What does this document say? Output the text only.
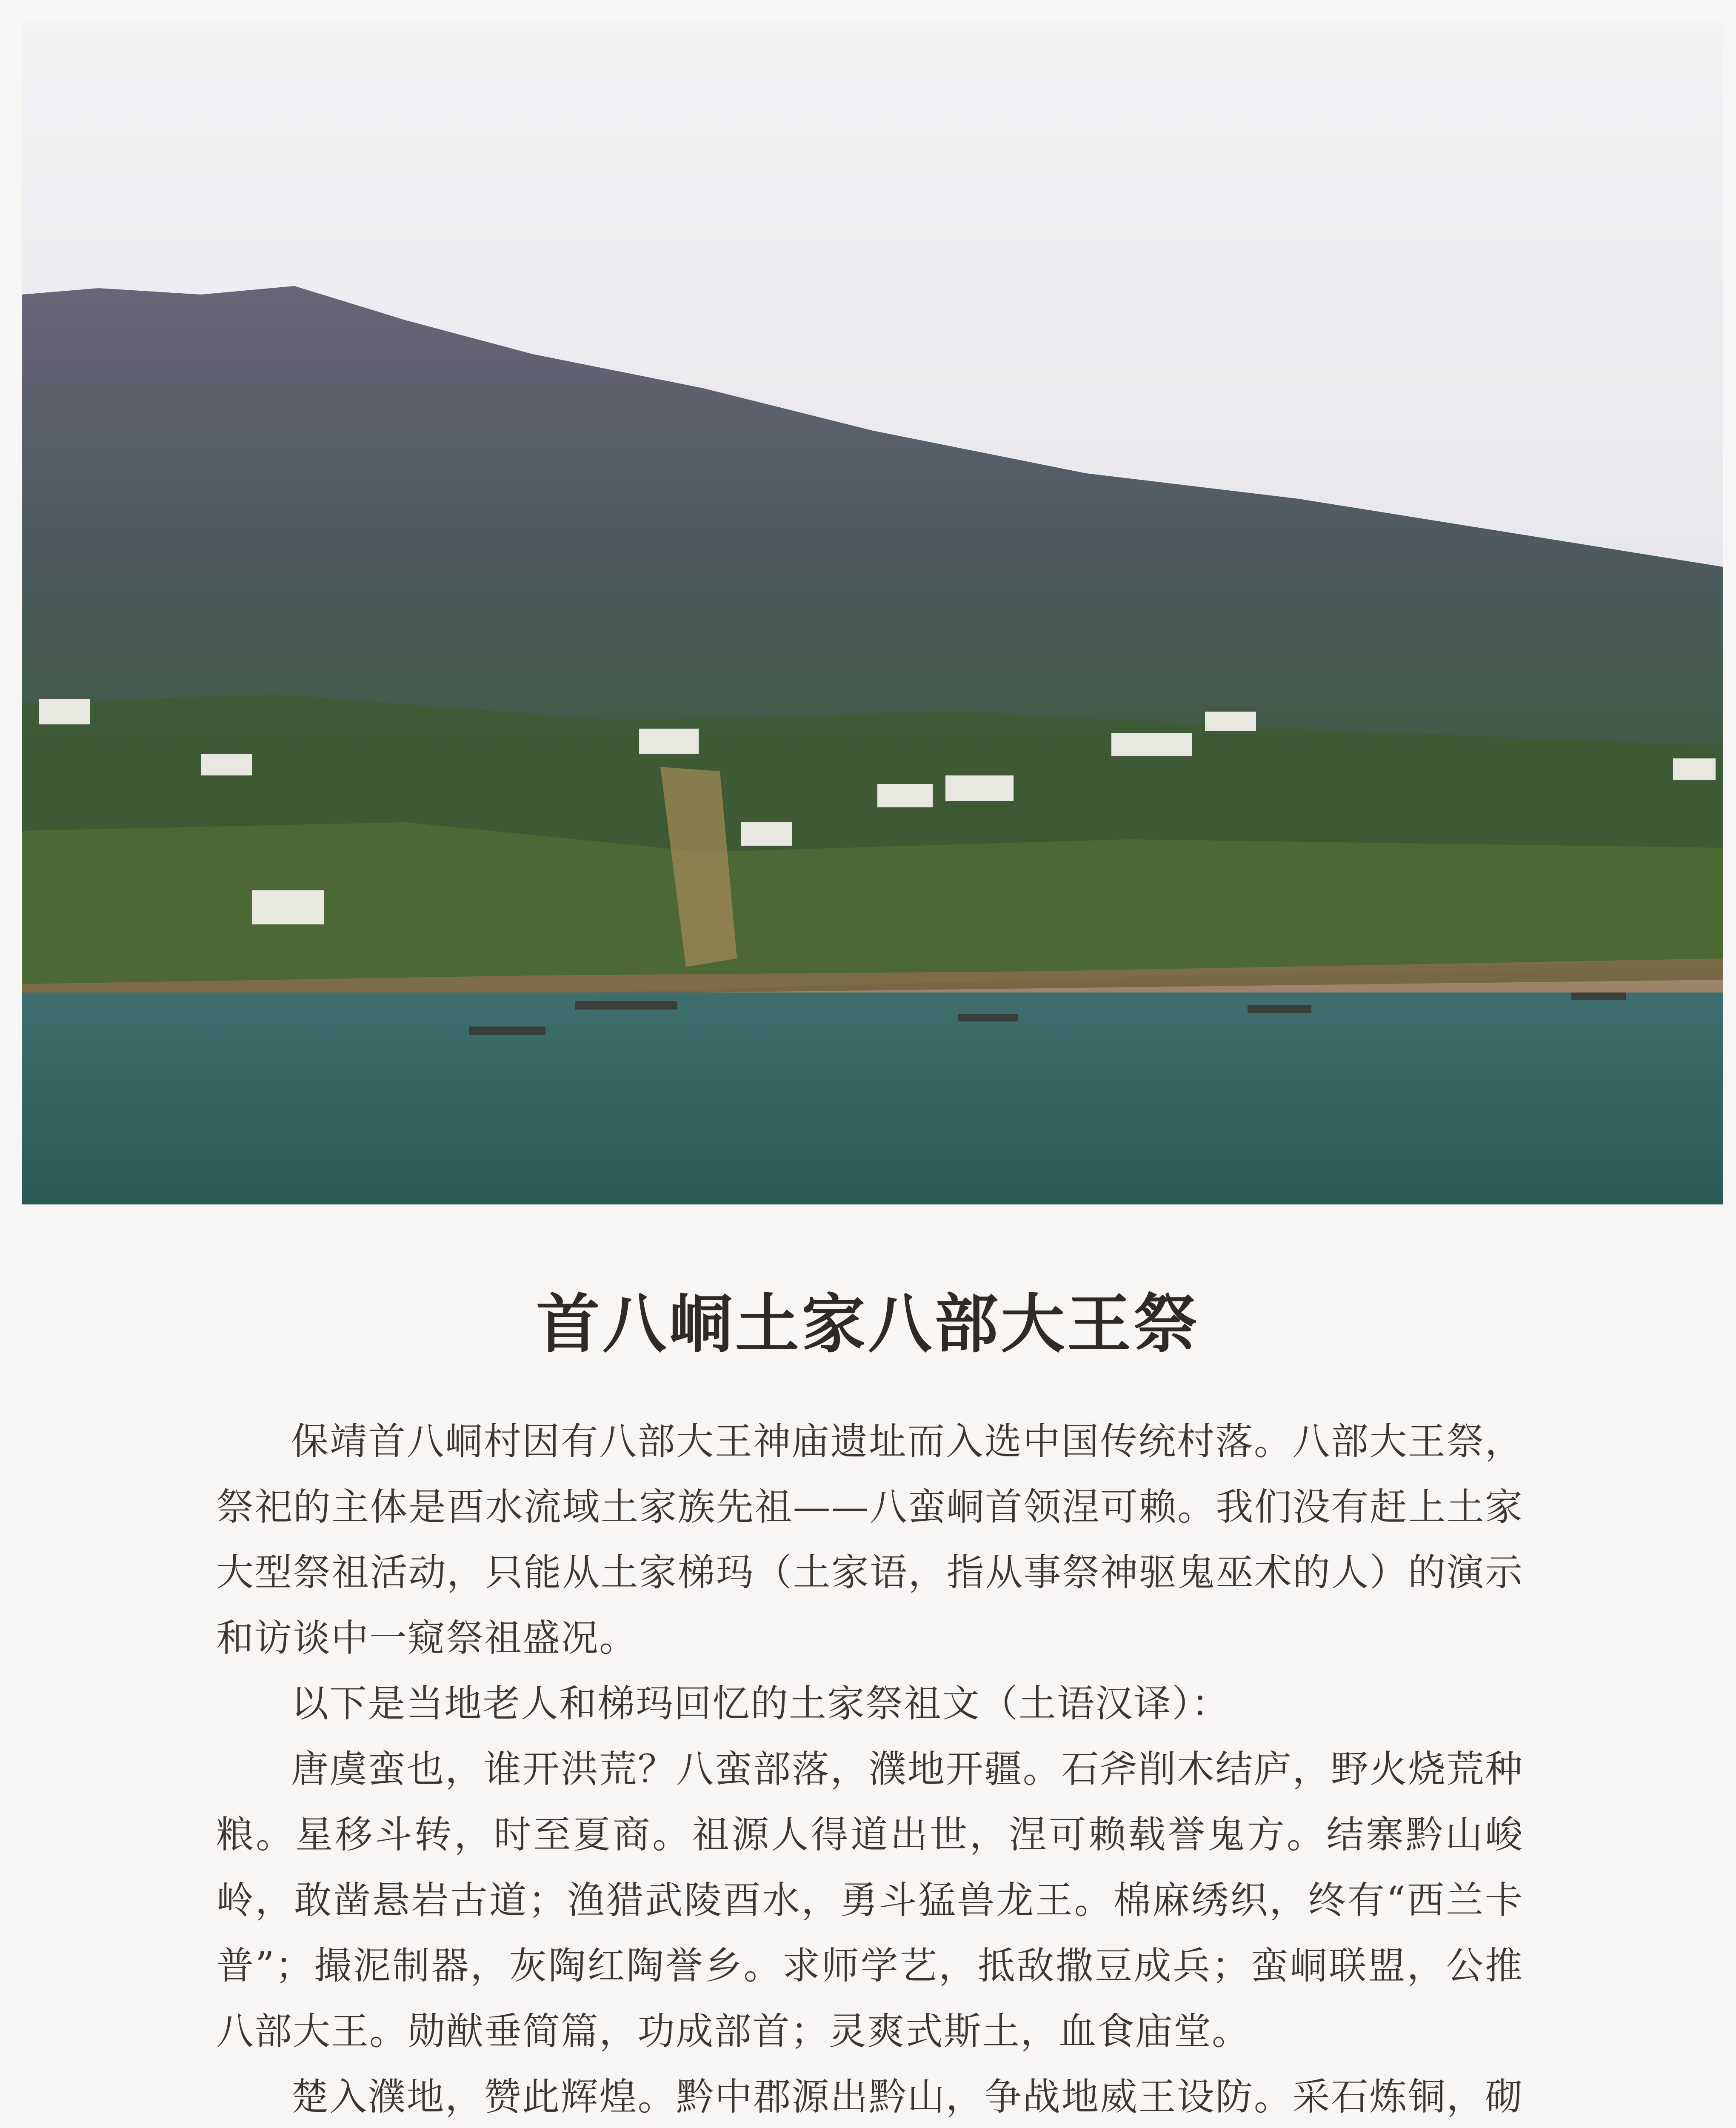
首八峒土家八部大王祭

保靖首八峒村因有八部大王神庙遗址而入选中国传统村落。八部大王祭，祭祀的主体是酉水流域土家族先祖——八蛮峒首领涅可赖。我们没有赶上土家大型祭祖活动，只能从土家梯玛（土家语，指从事祭神驱鬼巫术的人）的演示和访谈中一窥祭祖盛况。

以下是当地老人和梯玛回忆的土家祭祖文（土语汉译）：

唐虞蛮也，谁开洪荒？八蛮部落，濮地开疆。石斧削木结庐，野火烧荒种粮。星移斗转，时至夏商。祖源人得道出世，涅可赖载誉鬼方。结寨黔山峻岭，敢凿悬岩古道；渔猎武陵酉水，勇斗猛兽龙王。棉麻绣织，终有“西兰卡普”；撮泥制器，灰陶红陶誉乡。求师学艺，抵敌撒豆成兵；蛮峒联盟，公推八部大王。勋猷垂简篇，功成部首；灵爽式斯土，血食庙堂。

楚入濮地，赞此辉煌。黔中郡源出黔山，争战地威王设防。采石炼铜，砌
